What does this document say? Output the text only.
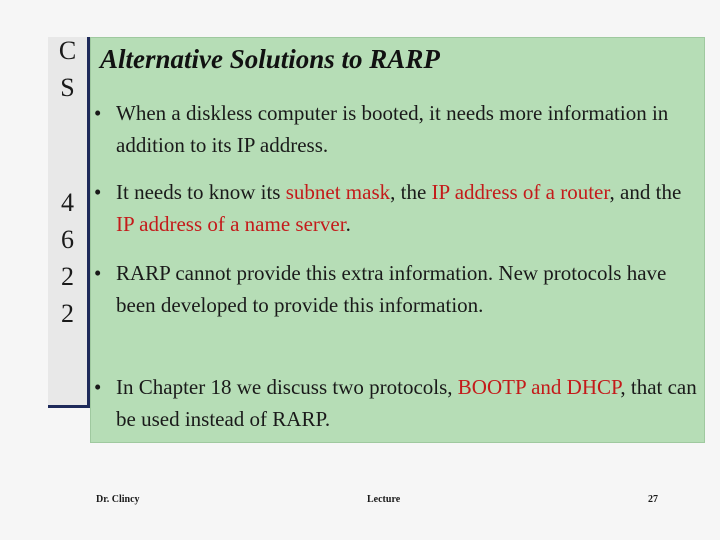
C
S
4
6
2
2
Alternative Solutions to RARP
• When a diskless computer is booted, it needs more information in addition to its IP address.
• It needs to know its subnet mask, the IP address of a router, and the IP address of a name server.
• RARP cannot provide this extra information. New protocols have been developed to provide this information.
• In Chapter 18 we discuss two protocols, BOOTP and DHCP, that can be used instead of RARP.
Dr. Clincy	Lecture	27
